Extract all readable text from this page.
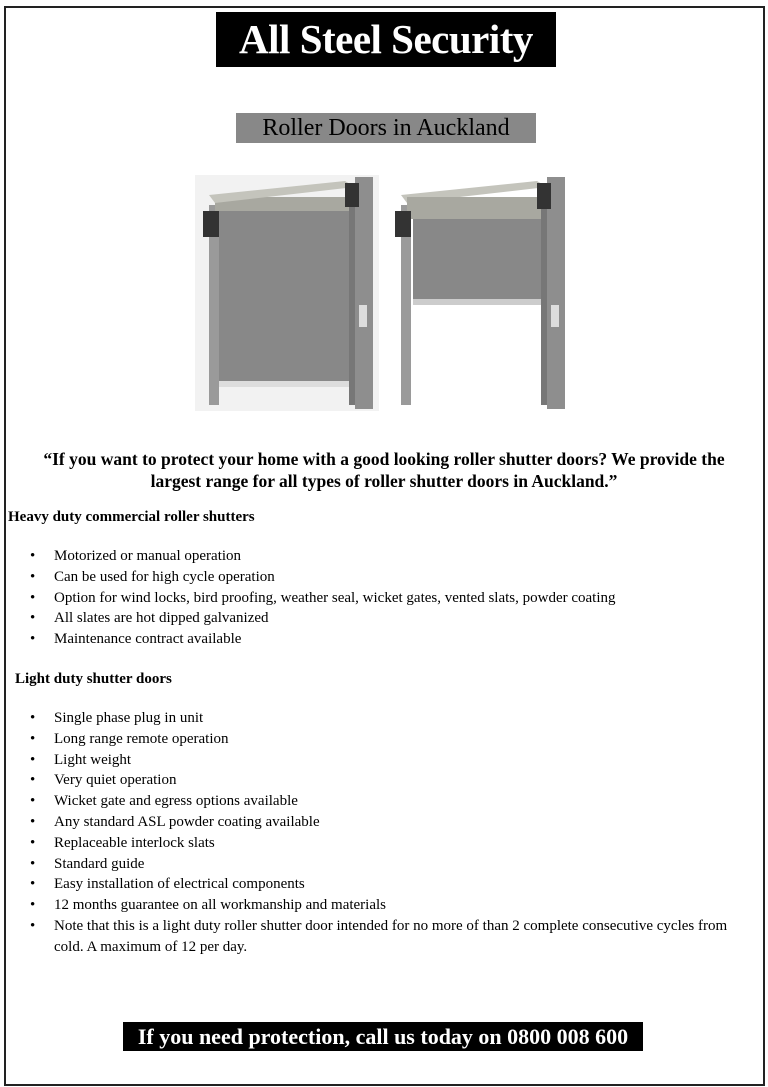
All Steel Security
Roller Doors in Auckland
“If you want to protect your home with a good looking roller shutter doors? We provide the largest range for all types of roller shutter doors in Auckland.”
Heavy duty commercial roller shutters
• Motorized or manual operation
• Can be used for high cycle operation
• Option for wind locks, bird proofing, weather seal, wicket gates, vented slats, powder coating
• All slates are hot dipped galvanized
• Maintenance contract available
Light duty shutter doors
• Single phase plug in unit
• Long range remote operation
• Light weight
• Very quiet operation
• Wicket gate and egress options available
• Any standard ASL powder coating available
• Replaceable interlock slats
• Standard guide
• Easy installation of electrical components
• 12 months guarantee on all workmanship and materials
• Note that this is a light duty roller shutter door intended for no more of than 2 complete consecutive cycles from cold. A maximum of 12 per day.
If you need protection, call us today on 0800 008 600
